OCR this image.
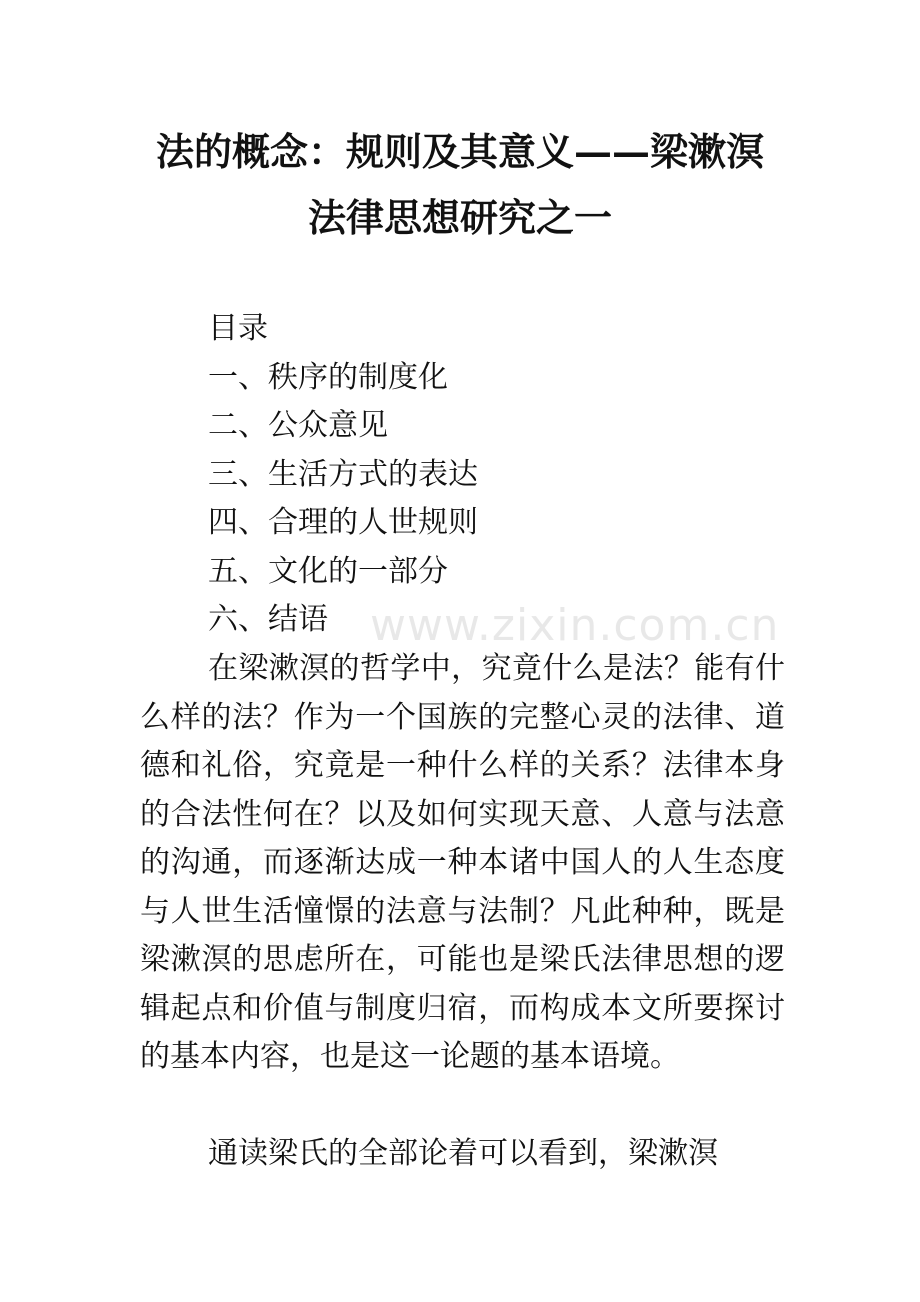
法的概念：规则及其意义——梁漱溟
法律思想研究之一
目录
一、秩序的制度化
二、公众意见
三、生活方式的表达
四、合理的人世规则
五、文化的一部分
六、结语 www.zixin.com.cn
在梁漱溟的哲学中，究竟什么是法？能有什么样的法？作为一个国族的完整心灵的法律、道德和礼俗，究竟是一种什么样的关系？法律本身的合法性何在？以及如何实现天意、人意与法意的沟通，而逐渐达成一种本诸中国人的人生态度与人世生活憧憬的法意与法制？凡此种种，既是梁漱溟的思虑所在，可能也是梁氏法律思想的逻辑起点和价值与制度归宿，而构成本文所要探讨的基本内容，也是这一论题的基本语境。
通读梁氏的全部论着可以看到，梁漱溟
